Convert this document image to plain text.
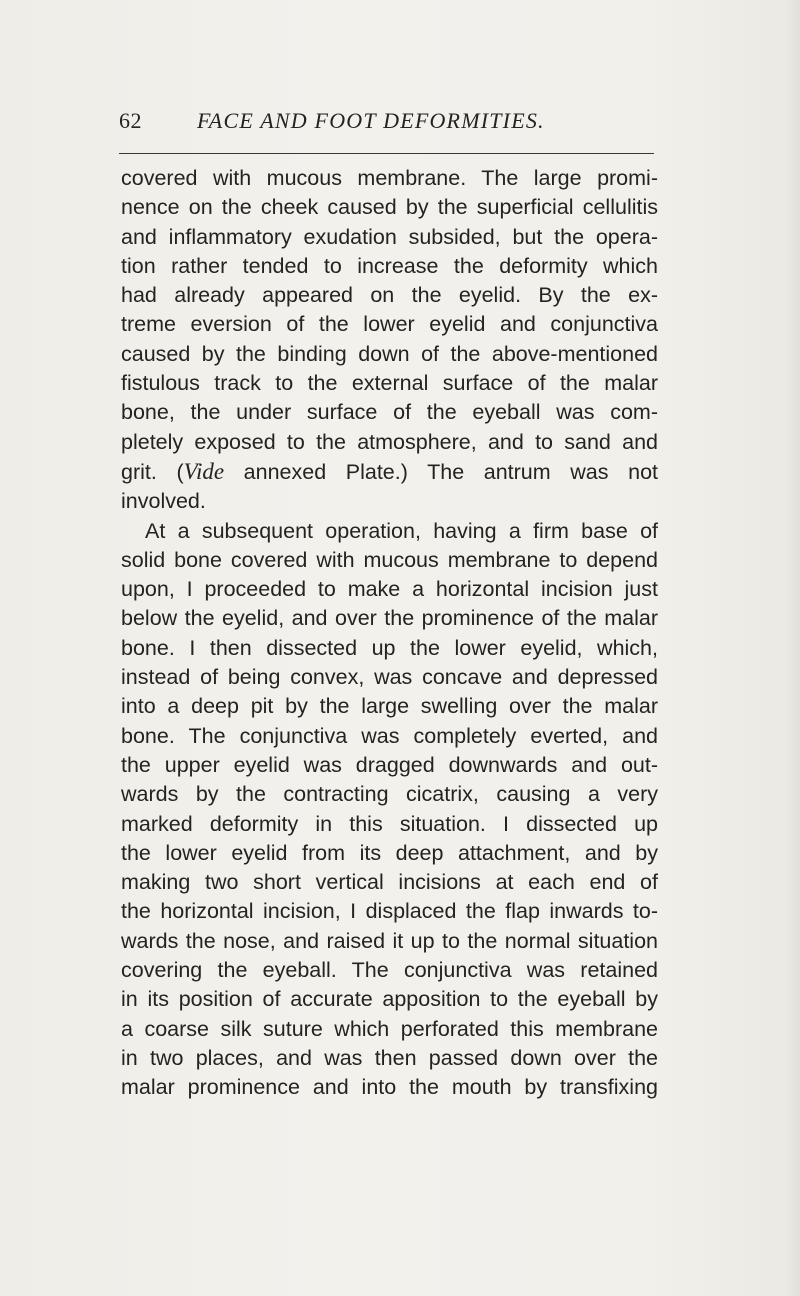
62	FACE AND FOOT DEFORMITIES.
covered with mucous membrane. The large promi-
nence on the cheek caused by the superficial cellulitis
and inflammatory exudation subsided, but the opera-
tion rather tended to increase the deformity which
had already appeared on the eyelid. By the ex-
treme eversion of the lower eyelid and conjunctiva
caused by the binding down of the above-mentioned
fistulous track to the external surface of the malar
bone, the under surface of the eyeball was com-
pletely exposed to the atmosphere, and to sand and
grit. (Vide annexed Plate.) The antrum was not
involved.
At a subsequent operation, having a firm base of
solid bone covered with mucous membrane to depend
upon, I proceeded to make a horizontal incision just
below the eyelid, and over the prominence of the malar
bone. I then dissected up the lower eyelid, which,
instead of being convex, was concave and depressed
into a deep pit by the large swelling over the malar
bone. The conjunctiva was completely everted, and
the upper eyelid was dragged downwards and out-
wards by the contracting cicatrix, causing a very
marked deformity in this situation. I dissected up
the lower eyelid from its deep attachment, and by
making two short vertical incisions at each end of
the horizontal incision, I displaced the flap inwards to-
wards the nose, and raised it up to the normal situation
covering the eyeball. The conjunctiva was retained
in its position of accurate apposition to the eyeball by
a coarse silk suture which perforated this membrane
in two places, and was then passed down over the
malar prominence and into the mouth by transfixing
